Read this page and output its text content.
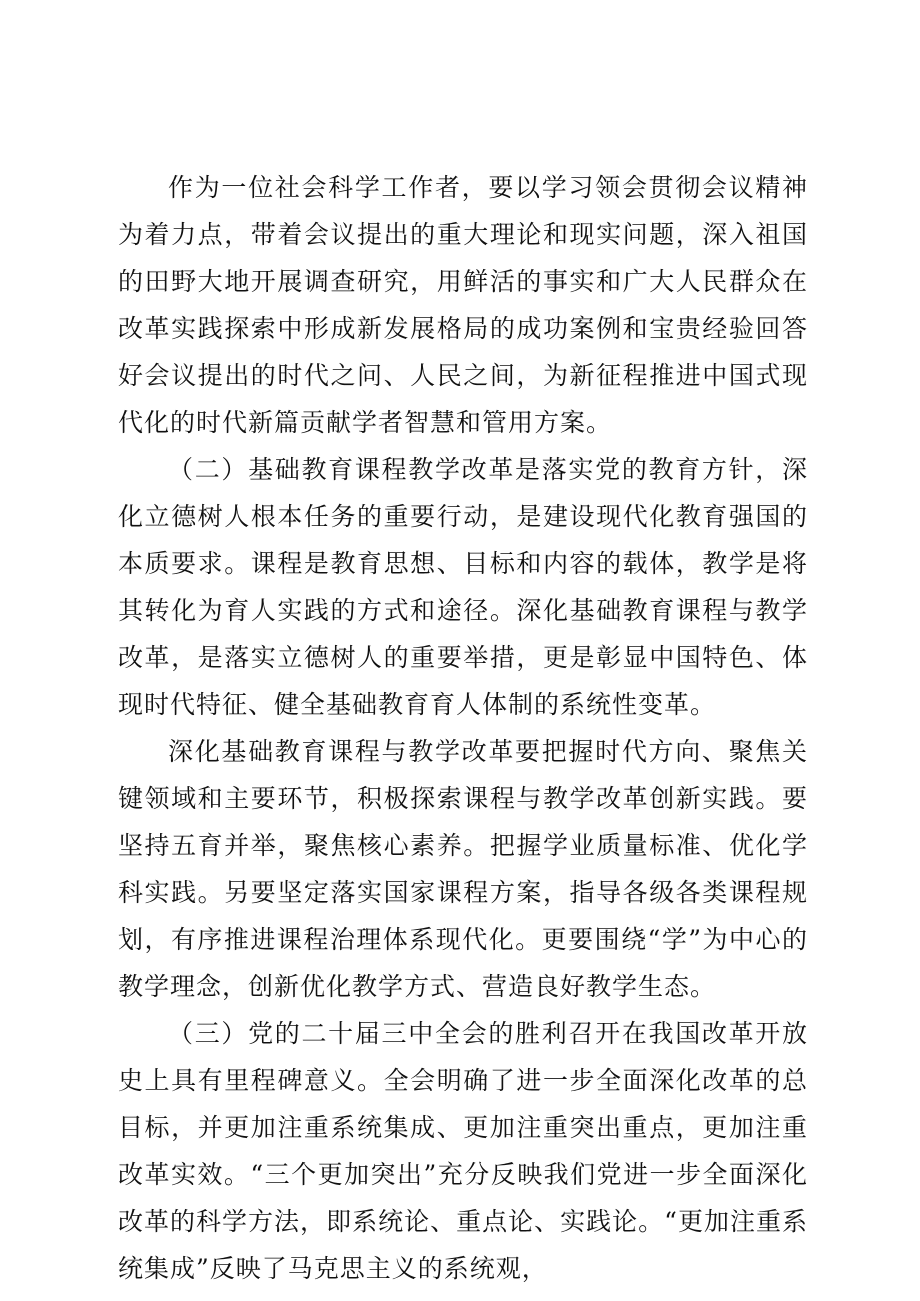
作为一位社会科学工作者，要以学习领会贯彻会议精神为着力点，带着会议提出的重大理论和现实问题，深入祖国的田野大地开展调查研究，用鲜活的事实和广大人民群众在改革实践探索中形成新发展格局的成功案例和宝贵经验回答好会议提出的时代之问、人民之间，为新征程推进中国式现代化的时代新篇贡献学者智慧和管用方案。

（二）基础教育课程教学改革是落实党的教育方针，深化立德树人根本任务的重要行动，是建设现代化教育强国的本质要求。课程是教育思想、目标和内容的载体，教学是将其转化为育人实践的方式和途径。深化基础教育课程与教学改革，是落实立德树人的重要举措，更是彰显中国特色、体现时代特征、健全基础教育育人体制的系统性变革。

深化基础教育课程与教学改革要把握时代方向、聚焦关键领域和主要环节，积极探索课程与教学改革创新实践。要坚持五育并举，聚焦核心素养。把握学业质量标准、优化学科实践。另要坚定落实国家课程方案，指导各级各类课程规划，有序推进课程治理体系现代化。更要围绕“学”为中心的教学理念，创新优化教学方式、营造良好教学生态。

（三）党的二十届三中全会的胜利召开在我国改革开放史上具有里程碑意义。全会明确了进一步全面深化改革的总目标，并更加注重系统集成、更加注重突出重点，更加注重改革实效。“三个更加突出”充分反映我们党进一步全面深化改革的科学方法，即系统论、重点论、实践论。“更加注重系统集成”反映了马克思主义的系统观，
